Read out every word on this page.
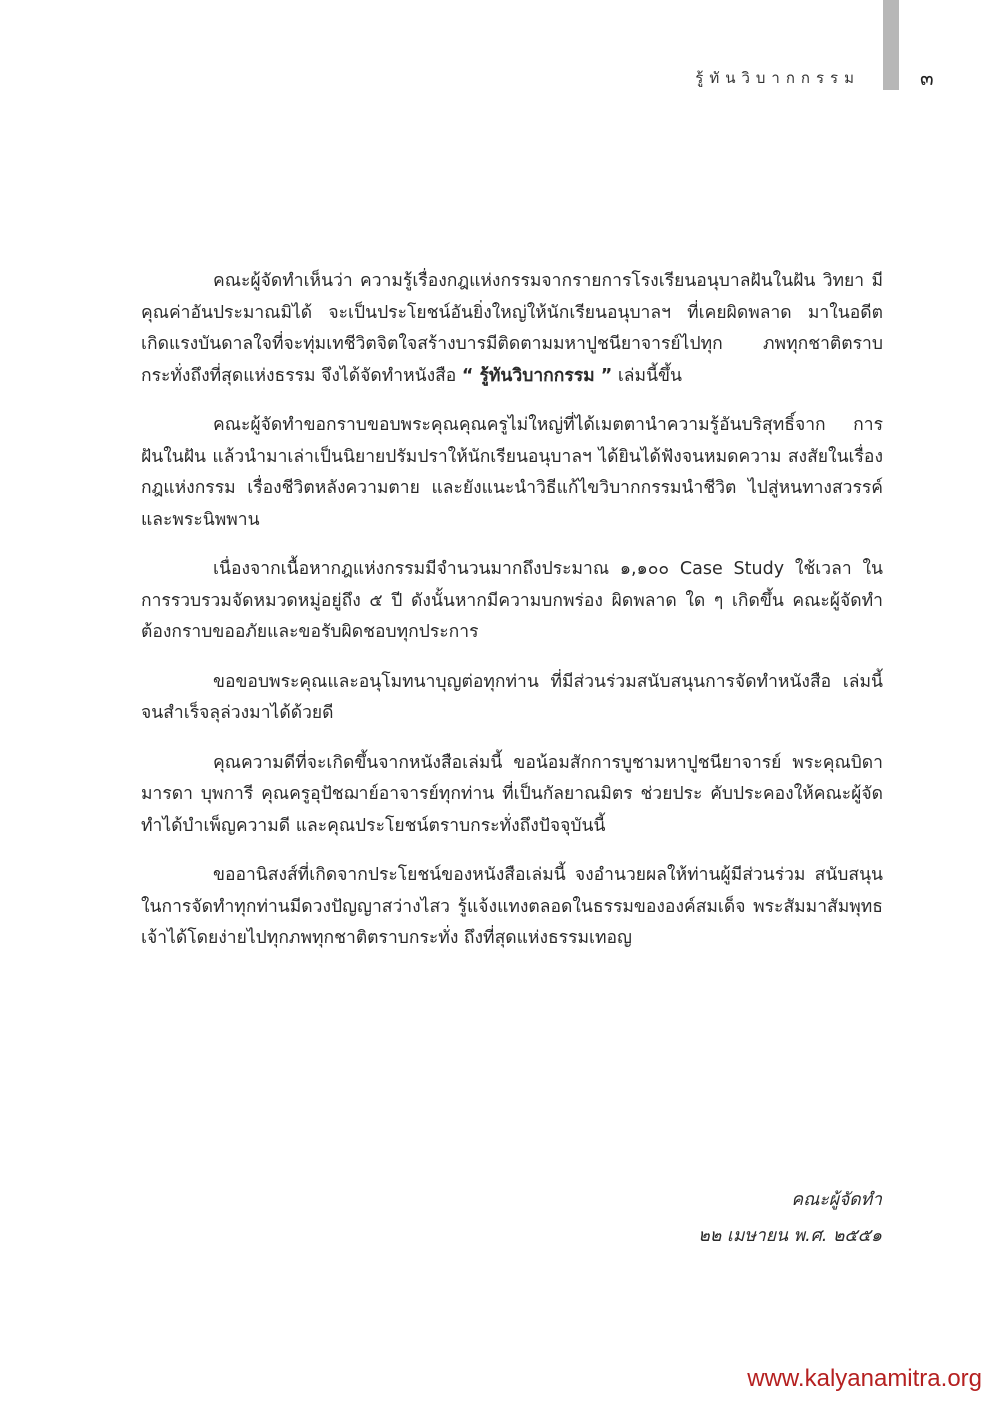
รู้ทันวิบากกรรม	๓

คณะผู้จัดทำเห็นว่า ความรู้เรื่องกฎแห่งกรรมจากรายการโรงเรียนอนุบาลฝันในฝัน วิทยา มีคุณค่าอันประมาณมิได้ จะเป็นประโยชน์อันยิ่งใหญ่ให้นักเรียนอนุบาลฯ ที่เคยผิดพลาด มาในอดีต เกิดแรงบันดาลใจที่จะทุ่มเทชีวิตจิตใจสร้างบารมีติดตามมหาปูชนียาจารย์ไปทุก ภพทุกชาติตราบกระทั่งถึงที่สุดแห่งธรรม จึงได้จัดทำหนังสือ “ รู้ทันวิบากกรรม ” เล่มนี้ขึ้น

คณะผู้จัดทำขอกราบขอบพระคุณคุณครูไม่ใหญ่ที่ได้เมตตานำความรู้อันบริสุทธิ์จาก การฝันในฝัน แล้วนำมาเล่าเป็นนิยายปรัมปราให้นักเรียนอนุบาลฯ ได้ยินได้ฟังจนหมดความ สงสัยในเรื่องกฎแห่งกรรม เรื่องชีวิตหลังความตาย และยังแนะนำวิธีแก้ไขวิบากกรรมนำชีวิต ไปสู่หนทางสวรรค์และพระนิพพาน

เนื่องจากเนื้อหากฎแห่งกรรมมีจำนวนมากถึงประมาณ ๑,๑๐๐ Case Study ใช้เวลา ในการรวบรวมจัดหมวดหมู่อยู่ถึง ๕ ปี ดังนั้นหากมีความบกพร่อง ผิดพลาด ใด ๆ เกิดขึ้น คณะผู้จัดทำต้องกราบขออภัยและขอรับผิดชอบทุกประการ

ขอขอบพระคุณและอนุโมทนาบุญต่อทุกท่าน ที่มีส่วนร่วมสนับสนุนการจัดทำหนังสือ เล่มนี้จนสำเร็จลุล่วงมาได้ด้วยดี

คุณความดีที่จะเกิดขึ้นจากหนังสือเล่มนี้ ขอน้อมสักการบูชามหาปูชนียาจารย์ พระคุณบิดา มารดา บุพการี คุณครูอุปัชฌาย์อาจารย์ทุกท่าน ที่เป็นกัลยาณมิตร ช่วยประ คับประคองให้คณะผู้จัดทำได้บำเพ็ญความดี และคุณประโยชน์ตราบกระทั่งถึงปัจจุบันนี้

ขออานิสงส์ที่เกิดจากประโยชน์ของหนังสือเล่มนี้ จงอำนวยผลให้ท่านผู้มีส่วนร่วม สนับสนุนในการจัดทำทุกท่านมีดวงปัญญาสว่างไสว รู้แจ้งแทงตลอดในธรรมขององค์สมเด็จ พระสัมมาสัมพุทธเจ้าได้โดยง่ายไปทุกภพทุกชาติตราบกระทั่ง ถึงที่สุดแห่งธรรมเทอญ

คณะผู้จัดทำ
๒๒ เมษายน พ.ศ. ๒๕๕๑
www.kalyanamitra.org
